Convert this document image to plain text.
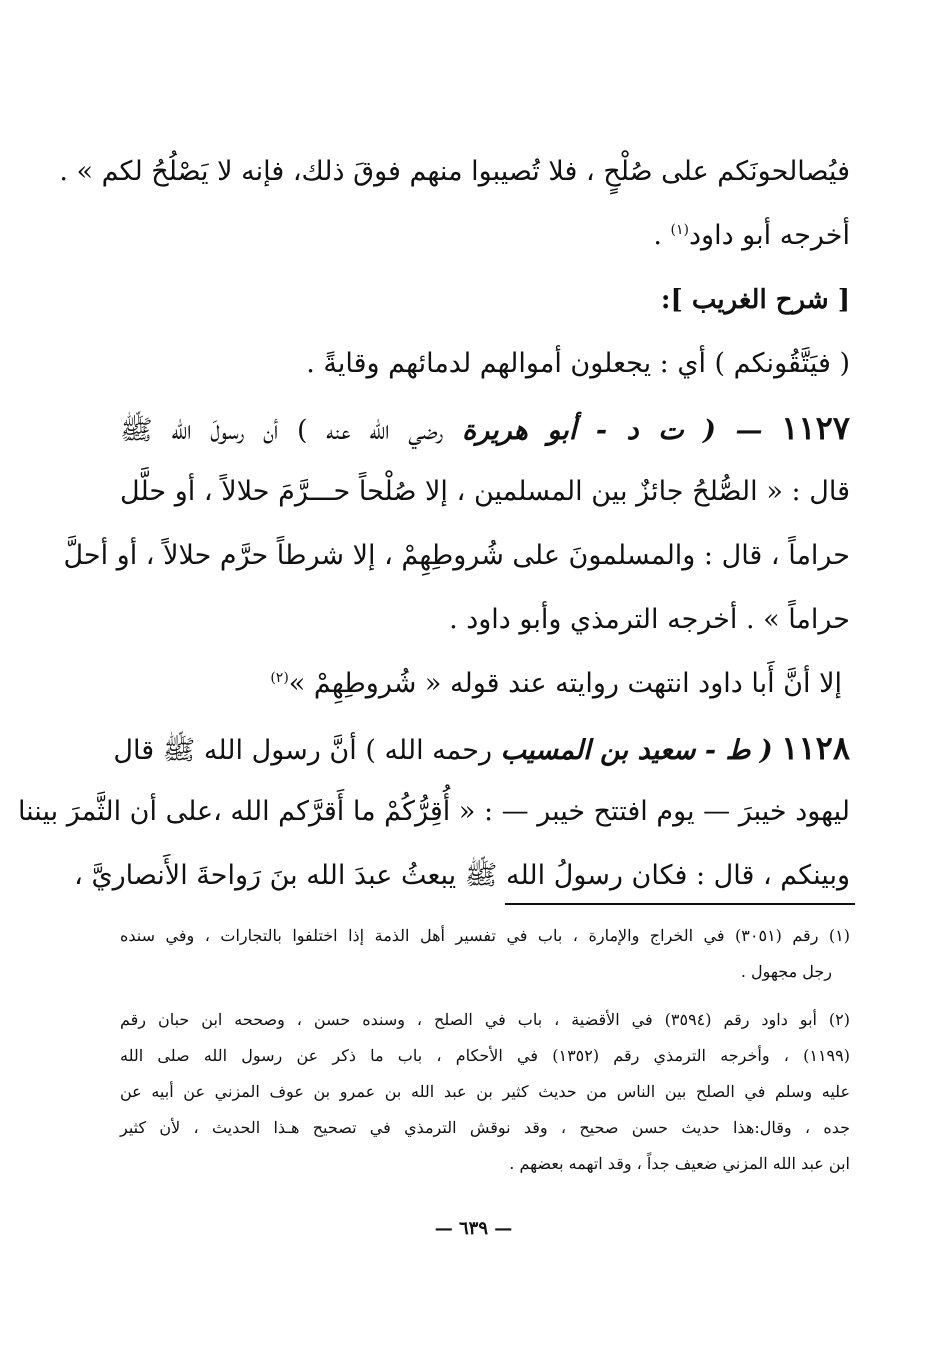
فيُصالحونَكم على صُلْحٍ ، فلا تُصيبوا منهم فوقَ ذلك، فإنه لا يَصْلُحُ لكم » .
أخرجه أبو داود$^{(١)}$ .
[ شرح الغريب ]:
( فيَتَّقُونكم ) أي : يجعلون أموالهم لدمائهم وقايةً .
١١٢٧ — ( ت د - أبو هريرة رضي الله عنه ) أن رسولَ الله ﷺ
قال : « الصُّلحُ جائزٌ بين المسلمين ، إلا صُلْحاً حـــرَّمَ حلالاً ، أو حلَّل
حراماً ، قال : والمسلمونَ على شُروطِهِمْ ، إلا شرطاً حرَّم حلالاً ، أو أحلَّ
حراماً » . أخرجه الترمذي وأبو داود .
إلا أنَّ أَبا داود انتهت روايته عند قوله « شُروطِهِمْ »$^{(٢)}$
١١٢٨ ( ط - سعيد بن المسيب رحمه الله ) أنَّ رسول الله ﷺ قال
ليهود خيبرَ — يوم افتتح خيبر — : « أُقِرُّكُمْ ما أَقرَّكم الله ،على أن الثَّمرَ بيننا
وبينكم ، قال : فكان رسولُ الله ﷺ يبعثُ عبدَ الله بنَ رَواحةَ الأَنصاريَّ ،
(١) رقم (٣٠٥١) في الخراج والإمارة ، باب في تفسير أهل الذمة إذا اختلفوا بالتجارات ، وفي سنده
رجل مجهول .
(٢) أبو داود رقم (٣٥٩٤) في الأقضية ، باب في الصلح ، وسنده حسن ، وصححه ابن حبان رقم
(١١٩٩) ، وأخرجه الترمذي رقم (١٣٥٢) في الأحكام ، باب ما ذكر عن رسول الله صلى الله
عليه وسلم في الصلح بين الناس من حديث كثير بن عبد الله بن عمرو بن عوف المزني عن أبيه عن
جده ، وقال:هذا حديث حسن صحيح ، وقد نوقش الترمذي في تصحيح هـذا الحديث ، لأن كثير
ابن عبد الله المزني ضعيف جداً ، وقد اتهمه بعضهم .
— ٦٣٩ —
